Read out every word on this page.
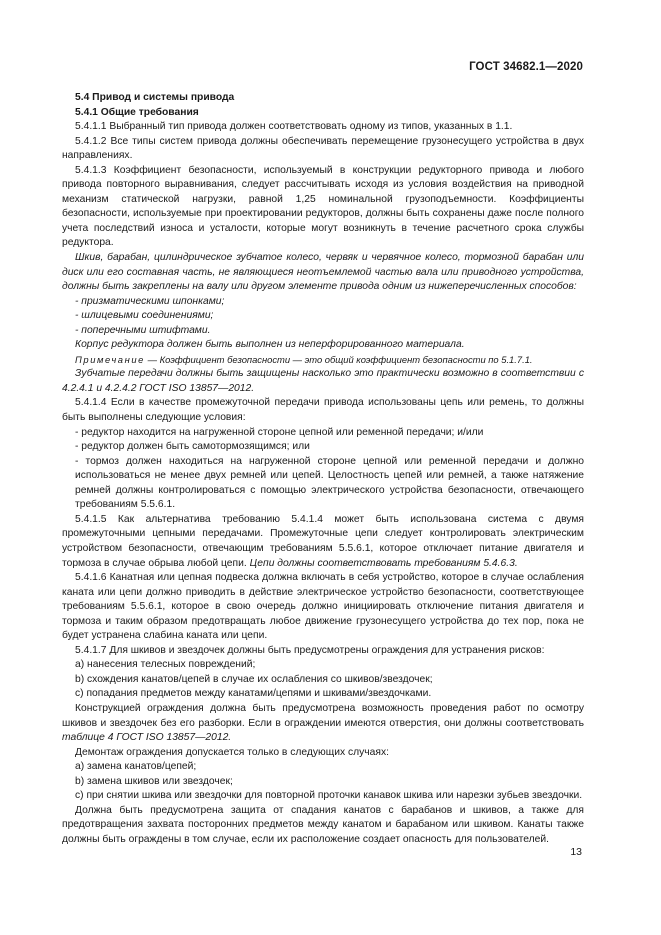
ГОСТ 34682.1—2020

5.4 Привод и системы привода

5.4.1 Общие требования

5.4.1.1 Выбранный тип привода должен соответствовать одному из типов, указанных в 1.1.

5.4.1.2 Все типы систем привода должны обеспечивать перемещение грузонесущего устройства в двух направлениях.

5.4.1.3 Коэффициент безопасности, используемый в конструкции редукторного привода и любого привода повторного выравнивания, следует рассчитывать исходя из условия воздействия на приводной механизм статической нагрузки, равной 1,25 номинальной грузоподъемности. Коэффициенты безопасности, используемые при проектировании редукторов, должны быть сохранены даже после полного учета последствий износа и усталости, которые могут возникнуть в течение расчетного срока службы редуктора.

Шкив, барабан, цилиндрическое зубчатое колесо, червяк и червячное колесо, тормозной барабан или диск или его составная часть, не являющиеся неотъемлемой частью вала или приводного устройства, должны быть закреплены на валу или другом элементе привода одним из нижеперечисленных способов:

- призматическими шпонками;

- шлицевыми соединениями;

- поперечными штифтами.

Корпус редуктора должен быть выполнен из неперфорированного материала.

Примечание — Коэффициент безопасности — это общий коэффициент безопасности по 5.1.7.1.

Зубчатые передачи должны быть защищены насколько это практически возможно в соответствии с 4.2.4.1 и 4.2.4.2 ГОСТ ISO 13857—2012.

5.4.1.4 Если в качестве промежуточной передачи привода использованы цепь или ремень, то должны быть выполнены следующие условия:

- редуктор находится на нагруженной стороне цепной или ременной передачи; и/или

- редуктор должен быть самотормозящимся; или

- тормоз должен находиться на нагруженной стороне цепной или ременной передачи и должно использоваться не менее двух ремней или цепей. Целостность цепей или ремней, а также натяжение ремней должны контролироваться с помощью электрического устройства безопасности, отвечающего требованиям 5.5.6.1.

5.4.1.5 Как альтернатива требованию 5.4.1.4 может быть использована система с двумя промежуточными цепными передачами. Промежуточные цепи следует контролировать электрическим устройством безопасности, отвечающим требованиям 5.5.6.1, которое отключает питание двигателя и тормоза в случае обрыва любой цепи. Цепи должны соответствовать требованиям 5.4.6.3.

5.4.1.6 Канатная или цепная подвеска должна включать в себя устройство, которое в случае ослабления каната или цепи должно приводить в действие электрическое устройство безопасности, соответствующее требованиям 5.5.6.1, которое в свою очередь должно инициировать отключение питания двигателя и тормоза и таким образом предотвращать любое движение грузонесущего устройства до тех пор, пока не будет устранена слабина каната или цепи.

5.4.1.7 Для шкивов и звездочек должны быть предусмотрены ограждения для устранения рисков:

a) нанесения телесных повреждений;

b) схождения канатов/цепей в случае их ослабления со шкивов/звездочек;

c) попадания предметов между канатами/цепями и шкивами/звездочками.

Конструкцией ограждения должна быть предусмотрена возможность проведения работ по осмотру шкивов и звездочек без его разборки. Если в ограждении имеются отверстия, они должны соответствовать таблице 4 ГОСТ ISO 13857—2012.

Демонтаж ограждения допускается только в следующих случаях:

a) замена канатов/цепей;

b) замена шкивов или звездочек;

c) при снятии шкива или звездочки для повторной проточки канавок шкива или нарезки зубьев звездочки.

Должна быть предусмотрена защита от спадания канатов с барабанов и шкивов, а также для предотвращения захвата посторонних предметов между канатом и барабаном или шкивом. Канаты также должны быть ограждены в том случае, если их расположение создает опасность для пользователей.

13
